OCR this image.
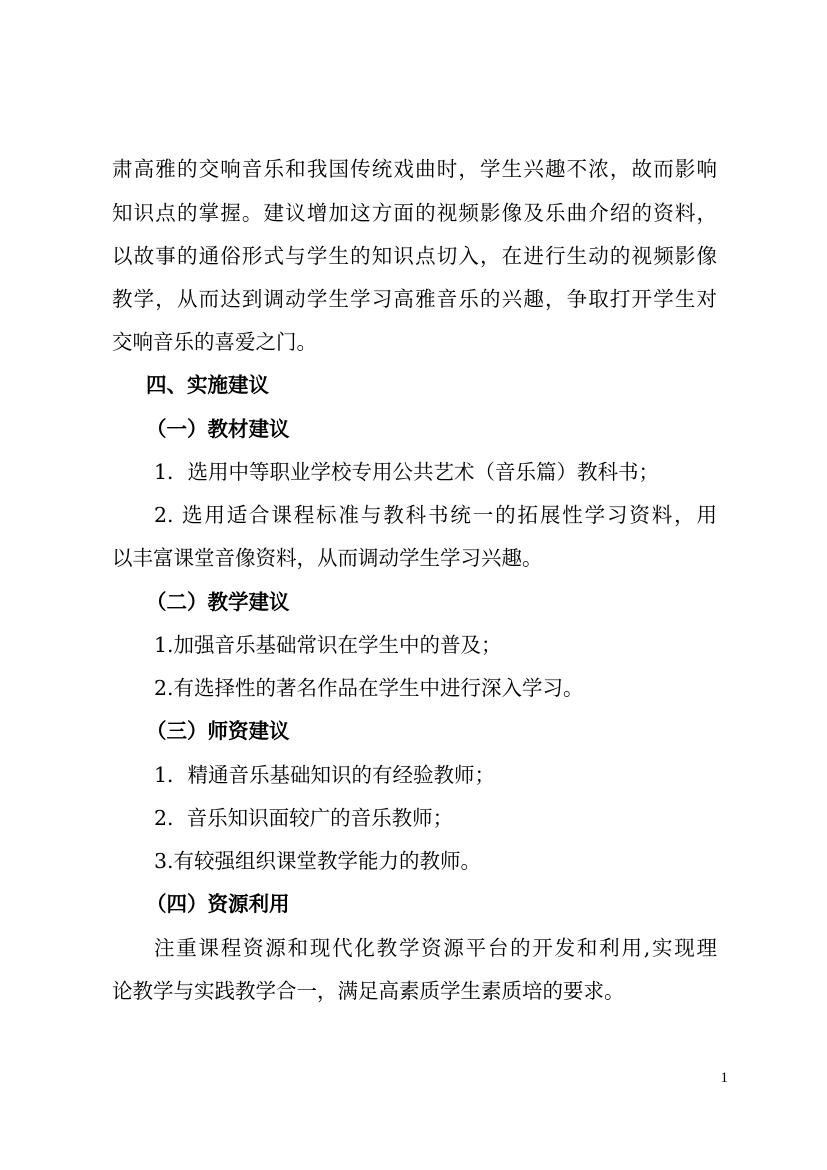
肃高雅的交响音乐和我国传统戏曲时，学生兴趣不浓，故而影响

知识点的掌握。建议增加这方面的视频影像及乐曲介绍的资料，

以故事的通俗形式与学生的知识点切入，在进行生动的视频影像

教学，从而达到调动学生学习高雅音乐的兴趣，争取打开学生对

交响音乐的喜爱之门。

四、实施建议

（一）教材建议

1．选用中等职业学校专用公共艺术（音乐篇）教科书；

2. 选用适合课程标准与教科书统一的拓展性学习资料，用

以丰富课堂音像资料，从而调动学生学习兴趣。

（二）教学建议

1.加强音乐基础常识在学生中的普及；

2.有选择性的著名作品在学生中进行深入学习。

（三）师资建议

1．精通音乐基础知识的有经验教师；

2.  音乐知识面较广的音乐教师；

3.有较强组织课堂教学能力的教师。

（四）资源利用

注重课程资源和现代化教学资源平台的开发和利用,实现理

论教学与实践教学合一，满足高素质学生素质培的要求。

1
